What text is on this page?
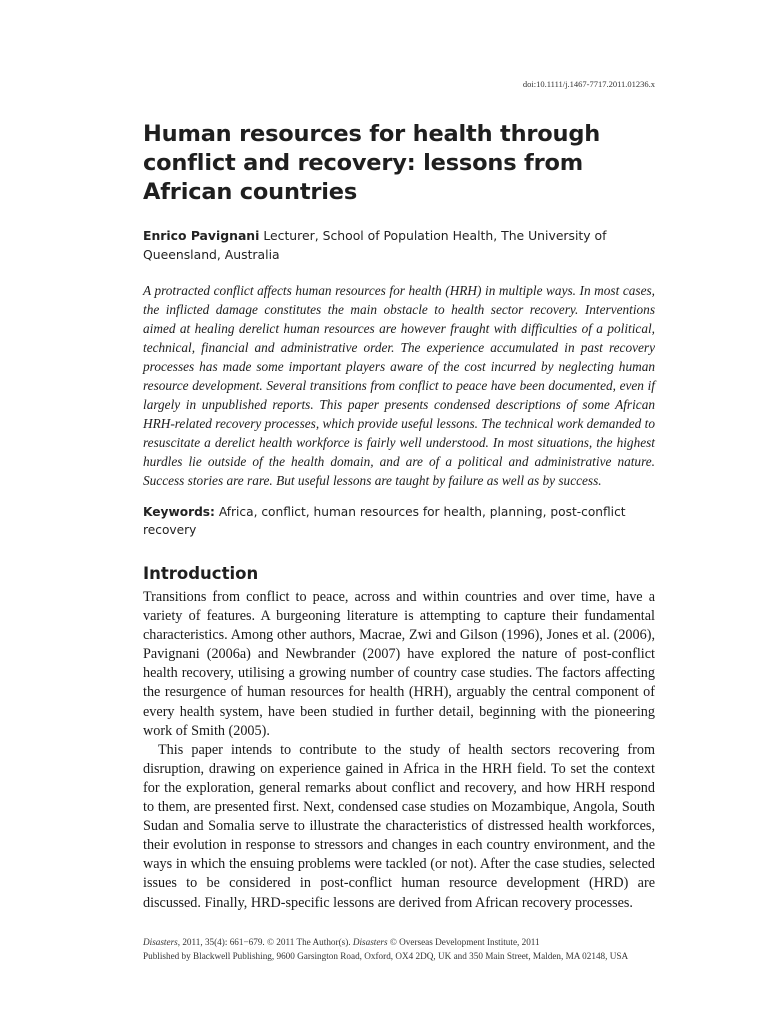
doi:10.1111/j.1467-7717.2011.01236.x
Human resources for health through conflict and recovery: lessons from African countries

Enrico Pavignani Lecturer, School of Population Health, The University of Queensland, Australia

A protracted conflict affects human resources for health (HRH) in multiple ways. In most cases, the inflicted damage constitutes the main obstacle to health sector recovery. Interventions aimed at healing derelict human resources are however fraught with difficulties of a political, technical, financial and administrative order. The experience accumulated in past recovery processes has made some important players aware of the cost incurred by neglecting human resource development. Several transitions from conflict to peace have been documented, even if largely in unpublished reports. This paper presents condensed descriptions of some African HRH-related recovery processes, which provide useful lessons. The technical work demanded to resuscitate a derelict health workforce is fairly well understood. In most situations, the highest hurdles lie outside of the health domain, and are of a political and administrative nature. Success stories are rare. But useful lessons are taught by failure as well as by success.

Keywords: Africa, conflict, human resources for health, planning, post-conflict recovery

Introduction

Transitions from conflict to peace, across and within countries and over time, have a variety of features. A burgeoning literature is attempting to capture their fundamental characteristics. Among other authors, Macrae, Zwi and Gilson (1996), Jones et al. (2006), Pavignani (2006a) and Newbrander (2007) have explored the nature of post-conflict health recovery, utilising a growing number of country case studies. The factors affecting the resurgence of human resources for health (HRH), arguably the central component of every health system, have been studied in further detail, beginning with the pioneering work of Smith (2005).

This paper intends to contribute to the study of health sectors recovering from disruption, drawing on experience gained in Africa in the HRH field. To set the context for the exploration, general remarks about conflict and recovery, and how HRH respond to them, are presented first. Next, condensed case studies on Mozambique, Angola, South Sudan and Somalia serve to illustrate the characteristics of distressed health workforces, their evolution in response to stressors and changes in each country environment, and the ways in which the ensuing problems were tackled (or not). After the case studies, selected issues to be considered in post-conflict human resource development (HRD) are discussed. Finally, HRD-specific lessons are derived from African recovery processes.

Disasters, 2011, 35(4): 661−679. © 2011 The Author(s). Disasters © Overseas Development Institute, 2011
Published by Blackwell Publishing, 9600 Garsington Road, Oxford, OX4 2DQ, UK and 350 Main Street, Malden, MA 02148, USA
